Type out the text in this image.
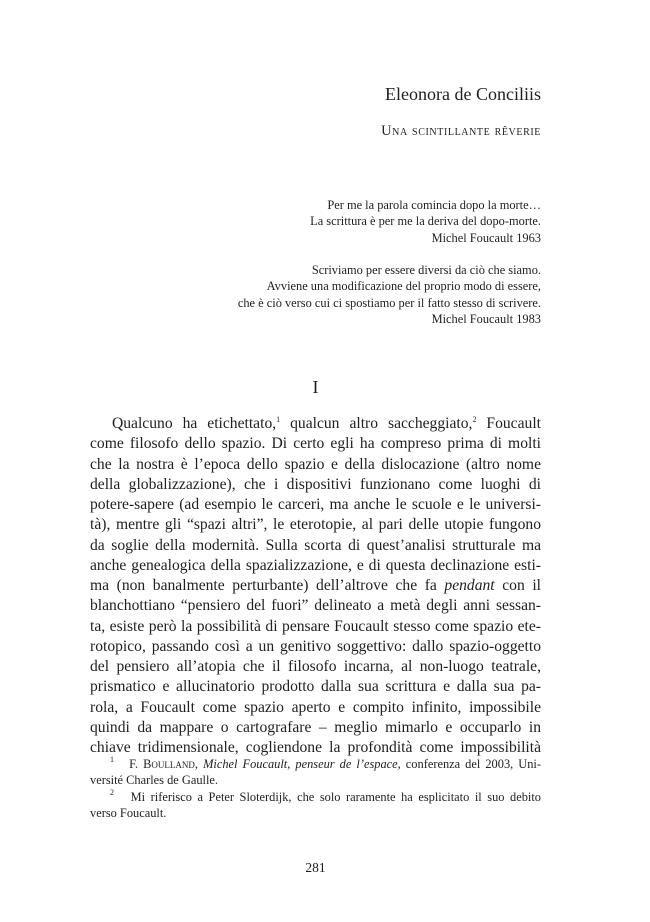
Eleonora de Conciliis
Una scintillante rêverie
Per me la parola comincia dopo la morte…
La scrittura è per me la deriva del dopo-morte.
Michel Foucault 1963
Scriviamo per essere diversi da ciò che siamo.
Avviene una modificazione del proprio modo di essere,
che è ciò verso cui ci spostiamo per il fatto stesso di scrivere.
Michel Foucault 1983
I
Qualcuno ha etichettato,$^1$ qualcun altro saccheggiato,$^2$ Foucault
come filosofo dello spazio. Di certo egli ha compreso prima di molti
che la nostra è l’epoca dello spazio e della dislocazione (altro nome
della globalizzazione), che i dispositivi funzionano come luoghi di
potere-sapere (ad esempio le carceri, ma anche le scuole e le universi-
tà), mentre gli “spazi altri”, le eterotopie, al pari delle utopie fungono
da soglie della modernità. Sulla scorta di quest’analisi strutturale ma
anche genealogica della spazializzazione, e di questa declinazione esti-
ma (non banalmente perturbante) dell’altrove che fa pendant con il
blanchottiano “pensiero del fuori” delineato a metà degli anni sessan-
ta, esiste però la possibilità di pensare Foucault stesso come spazio ete-
rotopico, passando così a un genitivo soggettivo: dallo spazio-oggetto
del pensiero all’atopia che il filosofo incarna, al non-luogo teatrale,
prismatico e allucinatorio prodotto dalla sua scrittura e dalla sua pa-
rola, a Foucault come spazio aperto e compito infinito, impossibile
quindi da mappare o cartografare – meglio mimarlo e occuparlo in
chiave tridimensionale, cogliendone la profondità come impossibilità
$^1$ F. Boulland, Michel Foucault, penseur de l’espace, conferenza del 2003, Uni-
versité Charles de Gaulle.
$^2$ Mi riferisco a Peter Sloterdijk, che solo raramente ha esplicitato il suo debito
verso Foucault.
281
